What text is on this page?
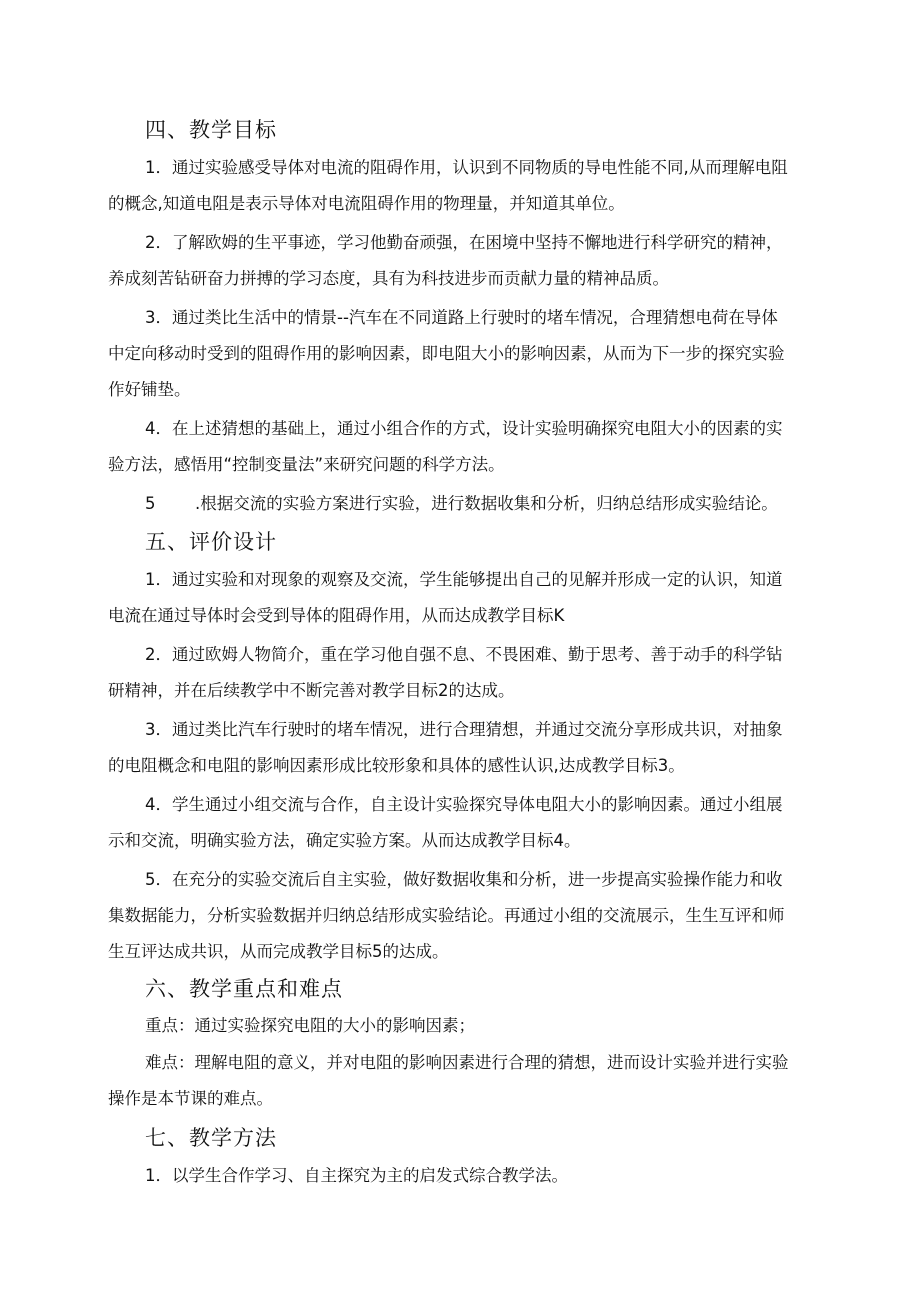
四、教学目标

1．通过实验感受导体对电流的阻碍作用，认识到不同物质的导电性能不同,从而理解电阻

的概念,知道电阻是表示导体对电流阻碍作用的物理量，并知道其单位。

2．了解欧姆的生平事迹，学习他勤奋顽强，在困境中坚持不懈地进行科学研究的精神，

养成刻苦钻研奋力拼搏的学习态度，具有为科技进步而贡献力量的精神品质。

3．通过类比生活中的情景--汽车在不同道路上行驶时的堵车情况，合理猜想电荷在导体

中定向移动时受到的阻碍作用的影响因素，即电阻大小的影响因素，从而为下一步的探究实验

作好铺垫。

4．在上述猜想的基础上，通过小组合作的方式，设计实验明确探究电阻大小的因素的实

验方法，感悟用“控制变量法”来研究问题的科学方法。

5 .根据交流的实验方案进行实验，进行数据收集和分析，归纳总结形成实验结论。

五、评价设计

1．通过实验和对现象的观察及交流，学生能够提出自己的见解并形成一定的认识，知道

电流在通过导体时会受到导体的阻碍作用，从而达成教学目标K

2．通过欧姆人物简介，重在学习他自强不息、不畏困难、勤于思考、善于动手的科学钻

研精神，并在后续教学中不断完善对教学目标2的达成。

3．通过类比汽车行驶时的堵车情况，进行合理猜想，并通过交流分享形成共识，对抽象

的电阻概念和电阻的影响因素形成比较形象和具体的感性认识,达成教学目标3。

4．学生通过小组交流与合作，自主设计实验探究导体电阻大小的影响因素。通过小组展

示和交流，明确实验方法，确定实验方案。从而达成教学目标4。

5．在充分的实验交流后自主实验，做好数据收集和分析，进一步提高实验操作能力和收

集数据能力，分析实验数据并归纳总结形成实验结论。再通过小组的交流展示，生生互评和师

生互评达成共识，从而完成教学目标5的达成。

六、教学重点和难点

重点：通过实验探究电阻的大小的影响因素；

难点：理解电阻的意义，并对电阻的影响因素进行合理的猜想，进而设计实验并进行实验

操作是本节课的难点。

七、教学方法

1．以学生合作学习、自主探究为主的启发式综合教学法。
